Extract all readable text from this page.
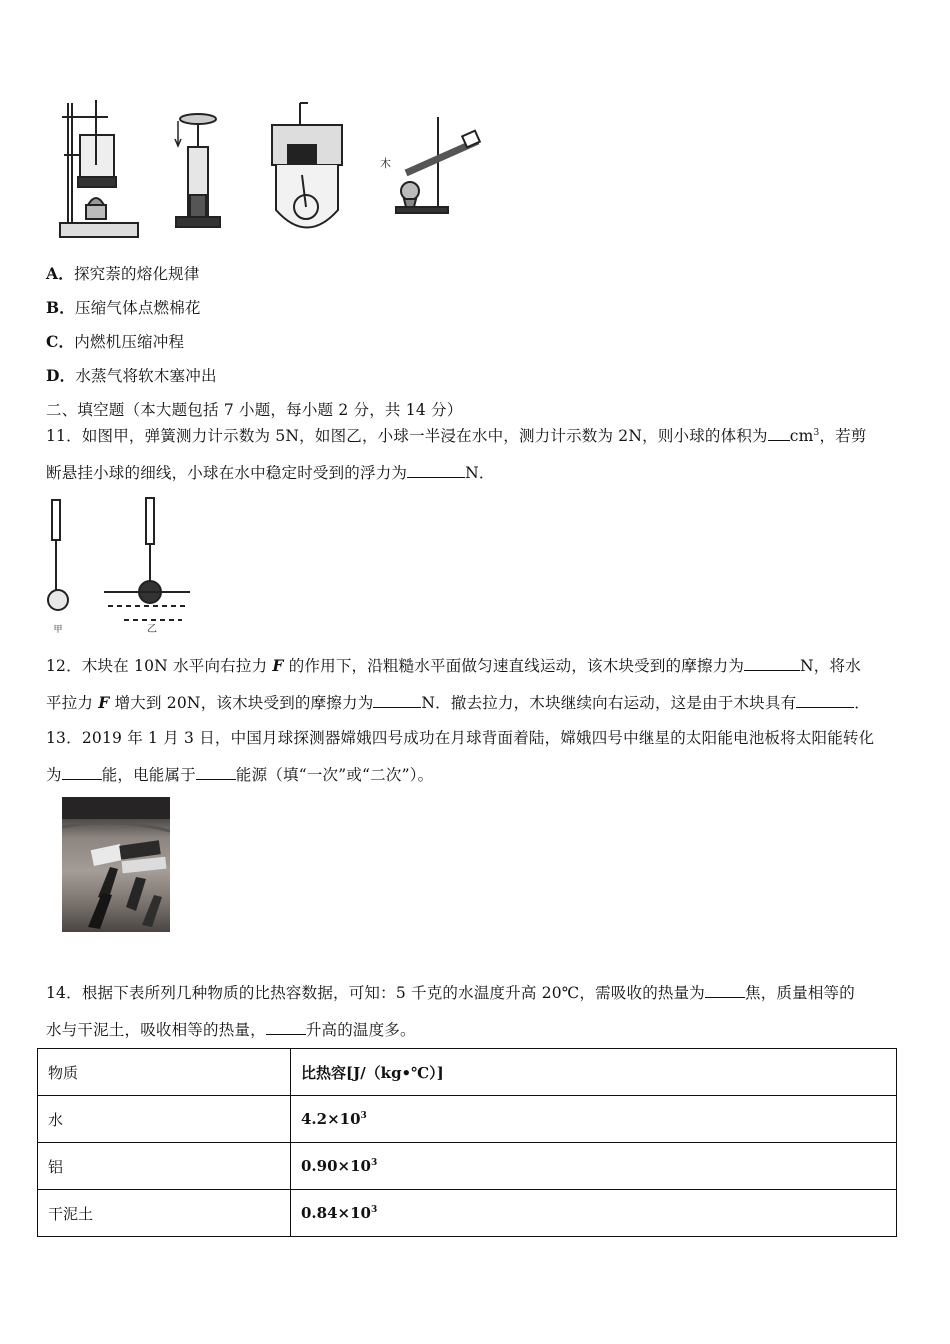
木
A．探究萘的熔化规律
B．压缩气体点燃棉花
C．内燃机压缩冲程
D．水蒸气将软木塞冲出
二、填空题（本大题包括 7 小题，每小题 2 分，共 14 分）
11．如图甲，弹簧测力计示数为 5N，如图乙，小球一半浸在水中，测力计示数为 2N，则小球的体积为 $cm^3$，若剪
断悬挂小球的细线，小球在水中稳定时受到的浮力为	N．
甲	乙
12．木块在 10N 水平向右拉力 F 的作用下，沿粗糙水平面做匀速直线运动，该木块受到的摩擦力为	N，将水
平拉力 F 增大到 20N，该木块受到的摩擦力为	N．撤去拉力，木块继续向右运动，这是由于木块具有	．
13．2019 年 1 月 3 日，中国月球探测器嫦娥四号成功在月球背面着陆，嫦娥四号中继星的太阳能电池板将太阳能转化
为	能，电能属于	能源（填“一次”或“二次”）。
14．根据下表所列几种物质的比热容数据，可知：5 千克的水温度升高 20℃，需吸收的热量为	焦，质量相等的
水与干泥土，吸收相等的热量，	升高的温度多。
物质	比热容[J/（kg•℃）]
水	$4.2\times 10^3$
铝	$0.90\times 10^3$
干泥土	$0.84\times 10^3$
